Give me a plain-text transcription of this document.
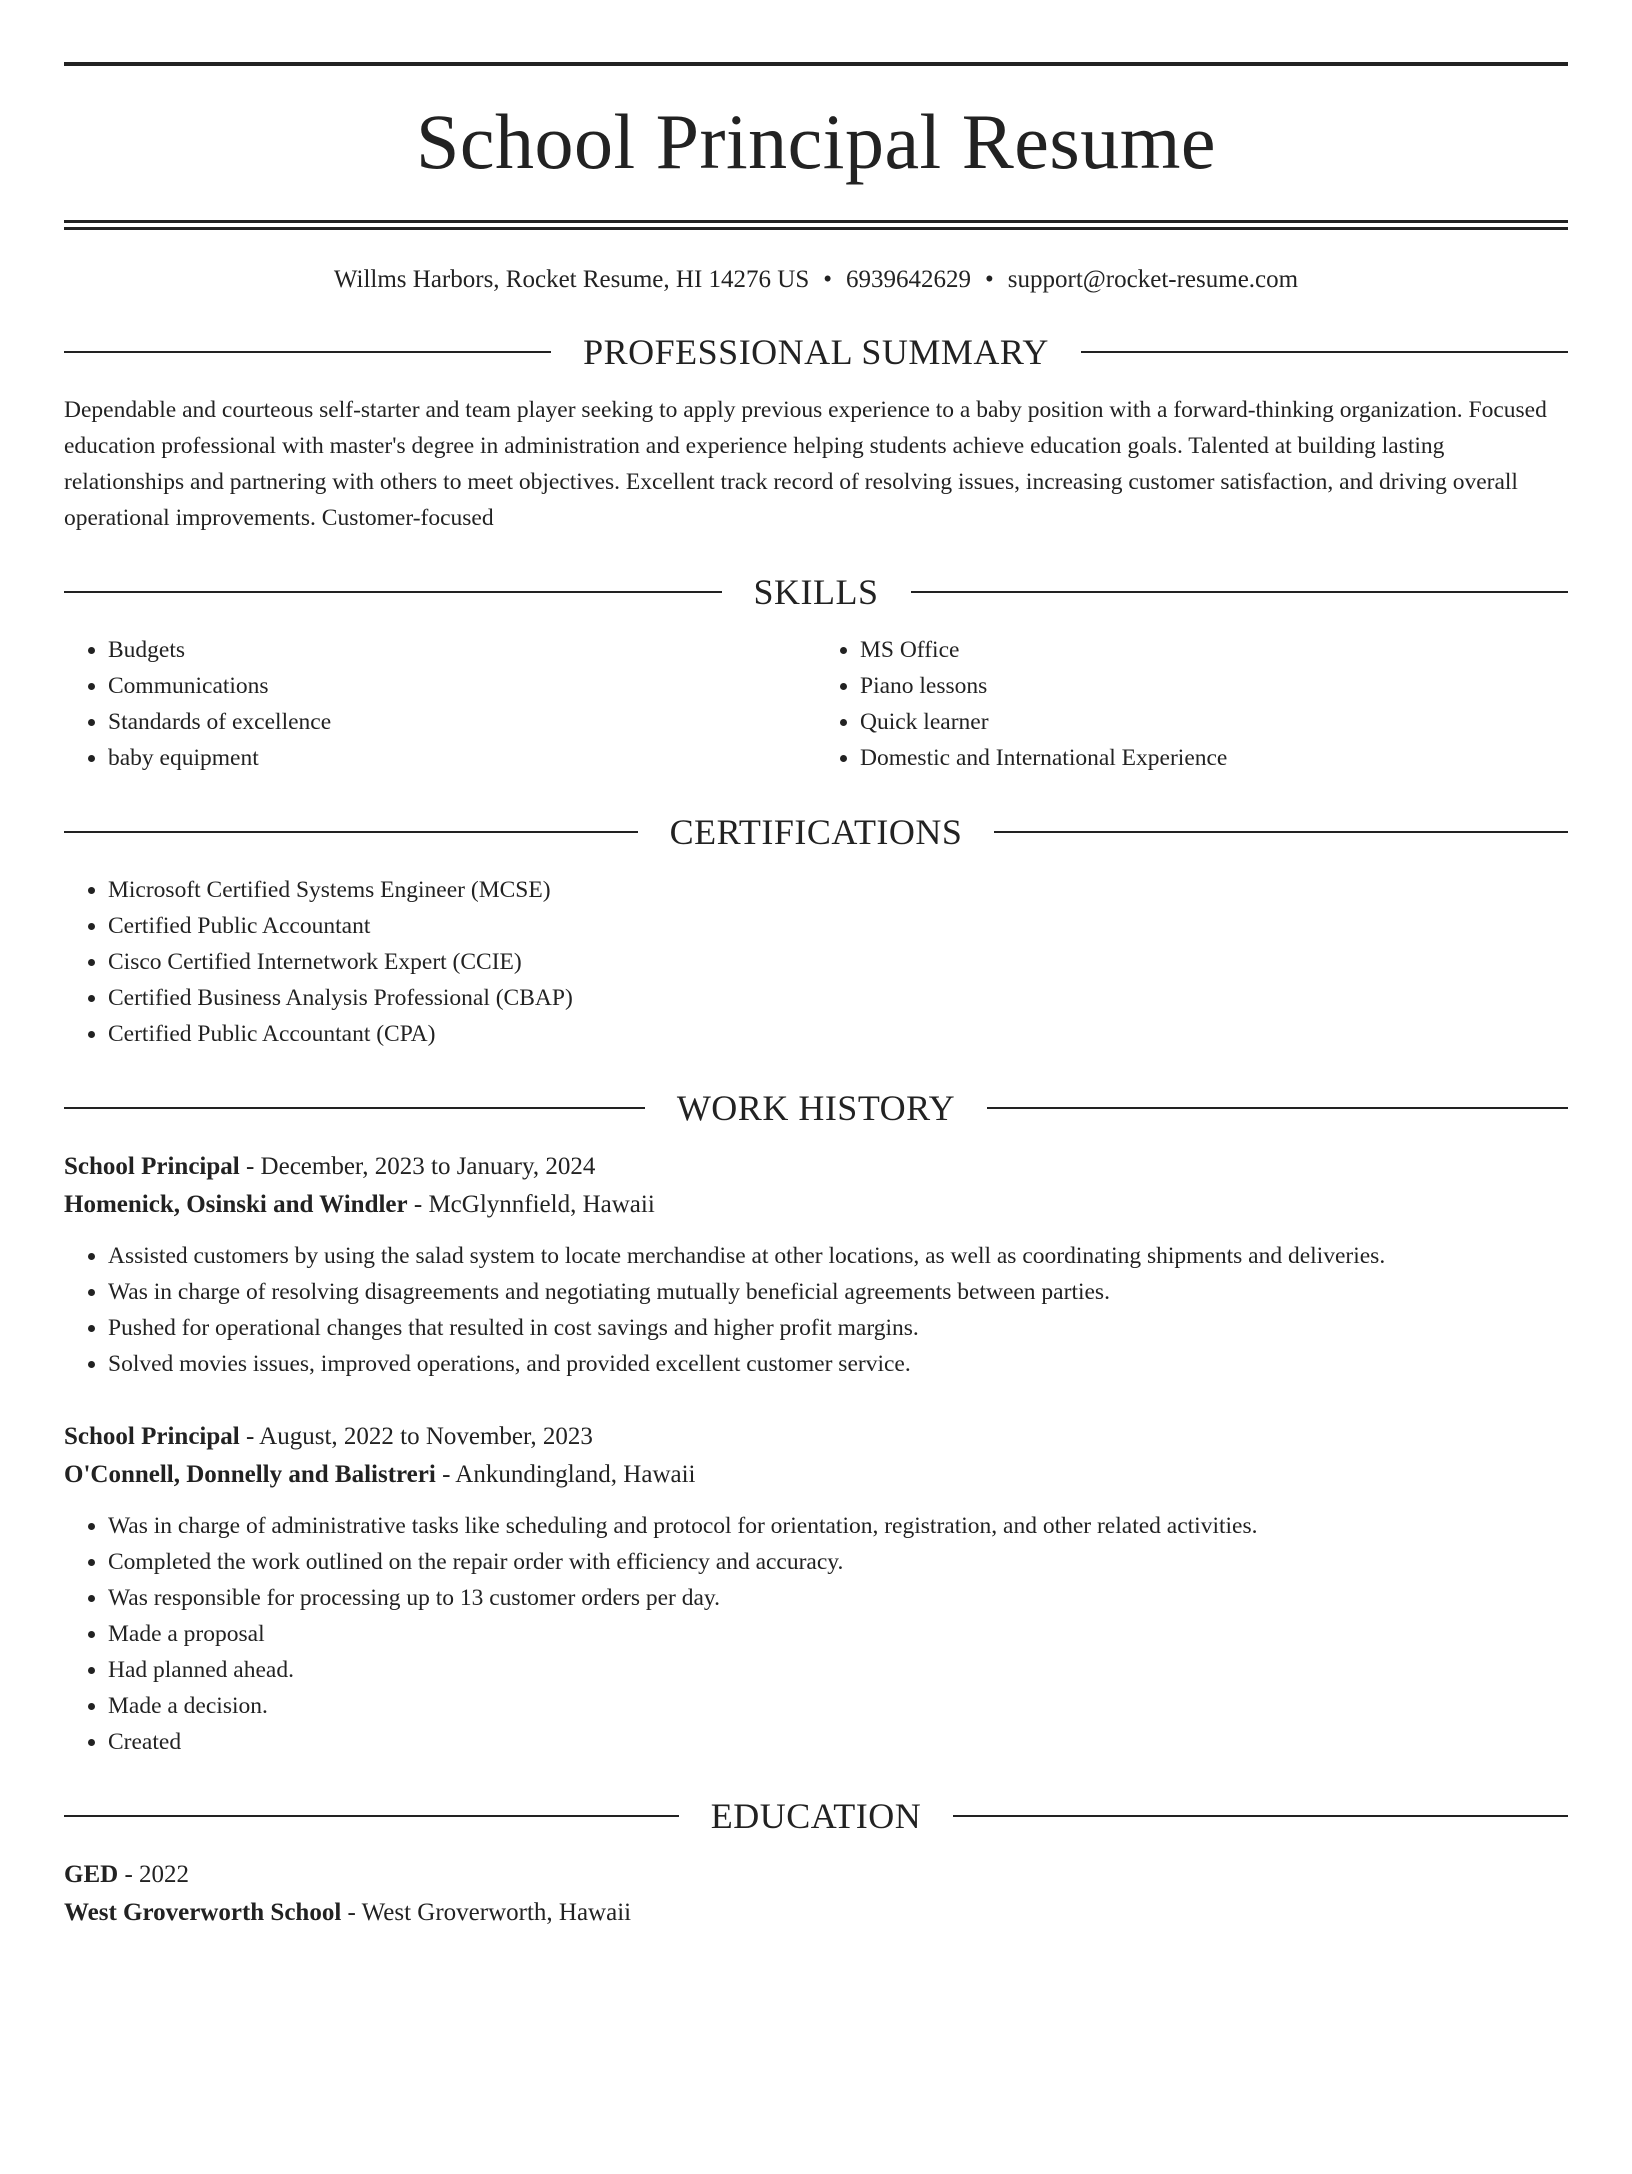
School Principal Resume
Willms Harbors, Rocket Resume, HI 14276 US • 6939642629 • support@rocket-resume.com
PROFESSIONAL SUMMARY

Dependable and courteous self-starter and team player seeking to apply previous experience to a baby position with a forward-thinking organization. Focused education professional with master's degree in administration and experience helping students achieve education goals. Talented at building lasting relationships and partnering with others to meet objectives. Excellent track record of resolving issues, increasing customer satisfaction, and driving overall operational improvements. Customer-focused

SKILLS
• Budgets
• Communications
• Standards of excellence
• baby equipment
• MS Office
• Piano lessons
• Quick learner
• Domestic and International Experience
CERTIFICATIONS
• Microsoft Certified Systems Engineer (MCSE)
• Certified Public Accountant
• Cisco Certified Internetwork Expert (CCIE)
• Certified Business Analysis Professional (CBAP)
• Certified Public Accountant (CPA)
WORK HISTORY
School Principal - December, 2023 to January, 2024
Homenick, Osinski and Windler - McGlynnfield, Hawaii
• Assisted customers by using the salad system to locate merchandise at other locations, as well as coordinating shipments and deliveries.
• Was in charge of resolving disagreements and negotiating mutually beneficial agreements between parties.
• Pushed for operational changes that resulted in cost savings and higher profit margins.
• Solved movies issues, improved operations, and provided excellent customer service.
School Principal - August, 2022 to November, 2023
O'Connell, Donnelly and Balistreri - Ankundingland, Hawaii
• Was in charge of administrative tasks like scheduling and protocol for orientation, registration, and other related activities.
• Completed the work outlined on the repair order with efficiency and accuracy.
• Was responsible for processing up to 13 customer orders per day.
• Made a proposal
• Had planned ahead.
• Made a decision.
• Created
EDUCATION
GED - 2022
West Groverworth School - West Groverworth, Hawaii
